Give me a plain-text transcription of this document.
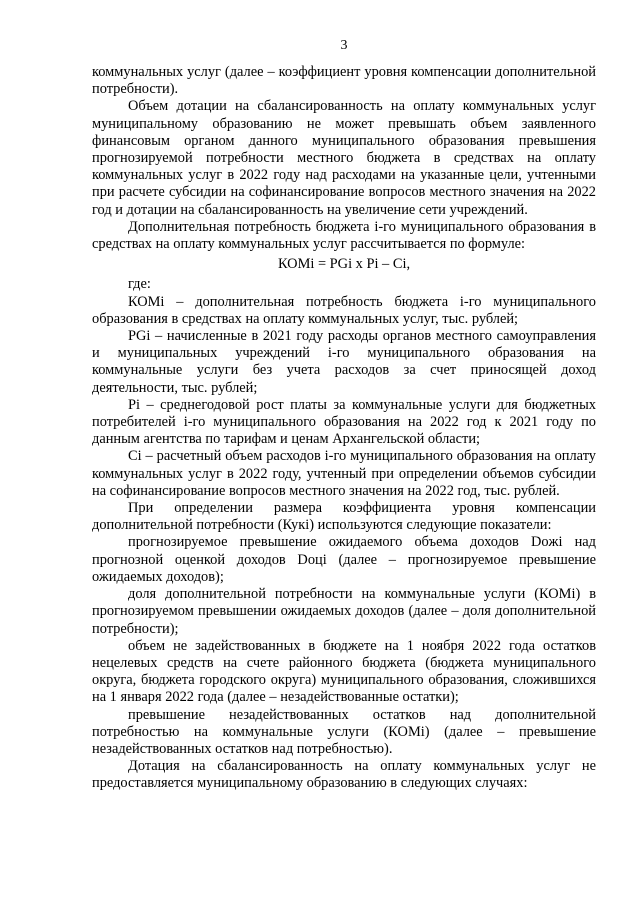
3

коммунальных услуг (далее – коэффициент уровня компенсации дополнительной потребности).

Объем дотации на сбалансированность на оплату коммунальных услуг муниципальному образованию не может превышать объем заявленного финансовым органом данного муниципального образования превышения прогнозируемой потребности местного бюджета в средствах на оплату коммунальных услуг в 2022 году над расходами на указанные цели, учтенными при расчете субсидии на софинансирование вопросов местного значения на 2022 год и дотации на сбалансированность на увеличение сети учреждений.

Дополнительная потребность бюджета i-го муниципального образования в средствах на оплату коммунальных услуг рассчитывается по формуле:

КОМi = PGi x Pi – Ci,

где:

КОМi – дополнительная потребность бюджета i-го муниципального образования в средствах на оплату коммунальных услуг, тыс. рублей;

PGi – начисленные в 2021 году расходы органов местного самоуправления и муниципальных учреждений i-го муниципального образования на коммунальные услуги без учета расходов за счет приносящей доход деятельности, тыс. рублей;

Pi – среднегодовой рост платы за коммунальные услуги для бюджетных потребителей i-го муниципального образования на 2022 год к 2021 году по данным агентства по тарифам и ценам Архангельской области;

Ci – расчетный объем расходов i-го муниципального образования на оплату коммунальных услуг в 2022 году, учтенный при определении объемов субсидии на софинансирование вопросов местного значения на 2022 год, тыс. рублей.

При определении размера коэффициента уровня компенсации дополнительной потребности (Кукi) используются следующие показатели:

прогнозируемое превышение ожидаемого объема доходов Doжi над прогнозной оценкой доходов Doцi (далее – прогнозируемое превышение ожидаемых доходов);

доля дополнительной потребности на коммунальные услуги (КОМi) в прогнозируемом превышении ожидаемых доходов (далее – доля дополнительной потребности);

объем не задействованных в бюджете на 1 ноября 2022 года остатков нецелевых средств на счете районного бюджета (бюджета муниципального округа, бюджета городского округа) муниципального образования, сложившихся на 1 января 2022 года (далее – незадействованные остатки);

превышение незадействованных остатков над дополнительной потребностью на коммунальные услуги (КОМi) (далее – превышение незадействованных остатков над потребностью).

Дотация на сбалансированность на оплату коммунальных услуг не предоставляется муниципальному образованию в следующих случаях:
